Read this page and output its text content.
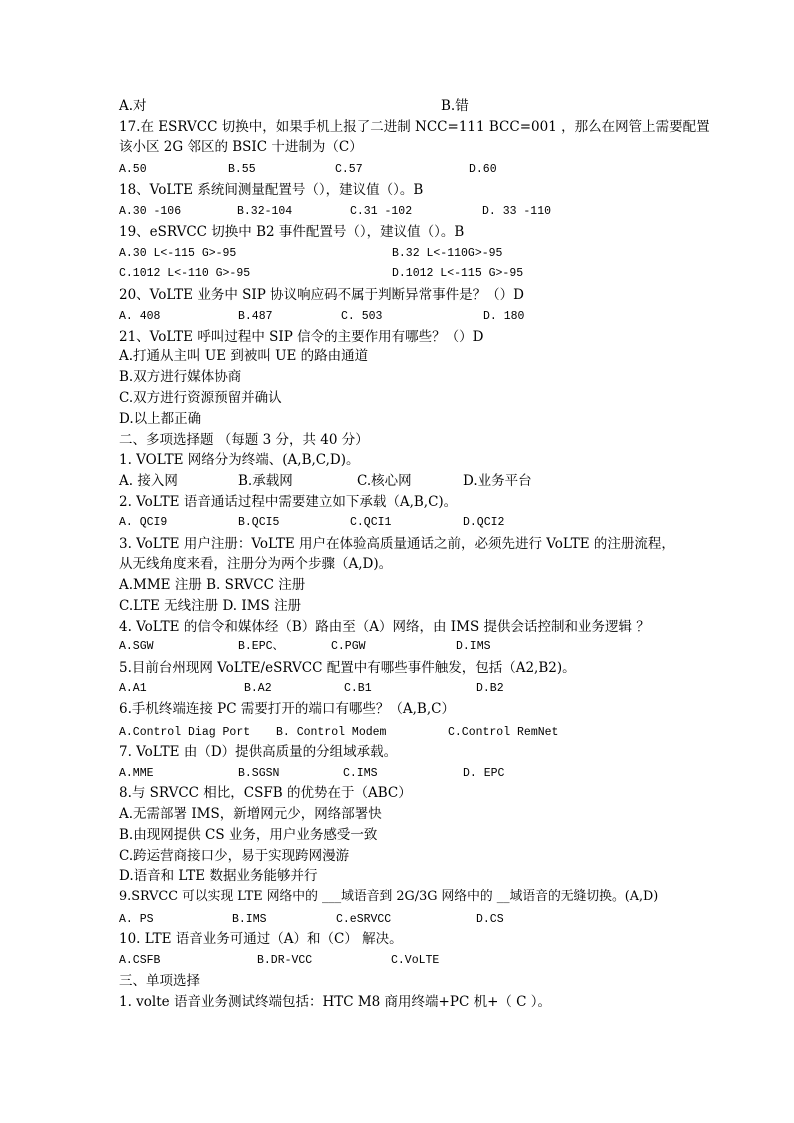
A.对	B.错
17.在 ESRVCC 切换中，如果手机上报了二进制 NCC=111 BCC=001 ，那么在网管上需要配置
该小区 2G 邻区的 BSIC 十进制为（C）
A.50	B.55	C.57	D.60
18、VoLTE 系统间测量配置号（），建议值（）。B
A.30 -106	B.32-104	C.31 -102	D. 33 -110
19、eSRVCC 切换中 B2 事件配置号（），建议值（）。B
A.30 L<-115 G>-95	B.32 L<-110G>-95
C.1012 L<-110 G>-95	D.1012 L<-115 G>-95
20、VoLTE 业务中 SIP 协议响应码不属于判断异常事件是？（）D
A. 408	B.487	C. 503	D. 180
21、VoLTE 呼叫过程中 SIP 信令的主要作用有哪些？（）D
A.打通从主叫 UE 到被叫 UE 的路由通道
B.双方进行媒体协商
C.双方进行资源预留并确认
D.以上都正确
二、多项选择题 （每题 3 分，共 40 分）
1. VOLTE 网络分为终端、(A,B,C,D)。
A. 接入网	B.承载网	C.核心网	D.业务平台
2. VoLTE 语音通话过程中需要建立如下承载（A,B,C)。
A. QCI9	B.QCI5	C.QCI1	D.QCI2
3. VoLTE 用户注册：VoLTE 用户在体验高质量通话之前，必须先进行 VoLTE 的注册流程，
从无线角度来看，注册分为两个步骤（A,D)。
A.MME 注册 B. SRVCC 注册
C.LTE 无线注册 D. IMS 注册
4. VoLTE 的信令和媒体经（B）路由至（A）网络，由 IMS 提供会话控制和业务逻辑 ？
A.SGW	B.EPC、	C.PGW	D.IMS
5.目前台州现网 VoLTE/eSRVCC 配置中有哪些事件触发，包括（A2,B2)。
A.A1	B.A2	C.B1	D.B2
6.手机终端连接 PC 需要打开的端口有哪些？（A,B,C）
A.Control Diag Port B. Control Modem	C.Control RemNet
7. VoLTE 由（D）提供高质量的分组域承载。
A.MME	B.SGSN	C.IMS	D. EPC
8.与 SRVCC 相比，CSFB 的优势在于（ABC）
A.无需部署 IMS，新增网元少，网络部署快
B.由现网提供 CS 业务，用户业务感受一致
C.跨运营商接口少，易于实现跨网漫游
D.语音和 LTE 数据业务能够并行
9.SRVCC 可以实现 LTE 网络中的 ___域语音到 2G/3G 网络中的 __域语音的无缝切换。(A,D)
A. PS	B.IMS	C.eSRVCC	D.CS
10. LTE 语音业务可通过（A）和（C） 解决。
A.CSFB	B.DR-VCC	C.VoLTE
三、单项选择
1. volte 语音业务测试终端包括：HTC M8 商用终端+PC 机+（ C ）。
